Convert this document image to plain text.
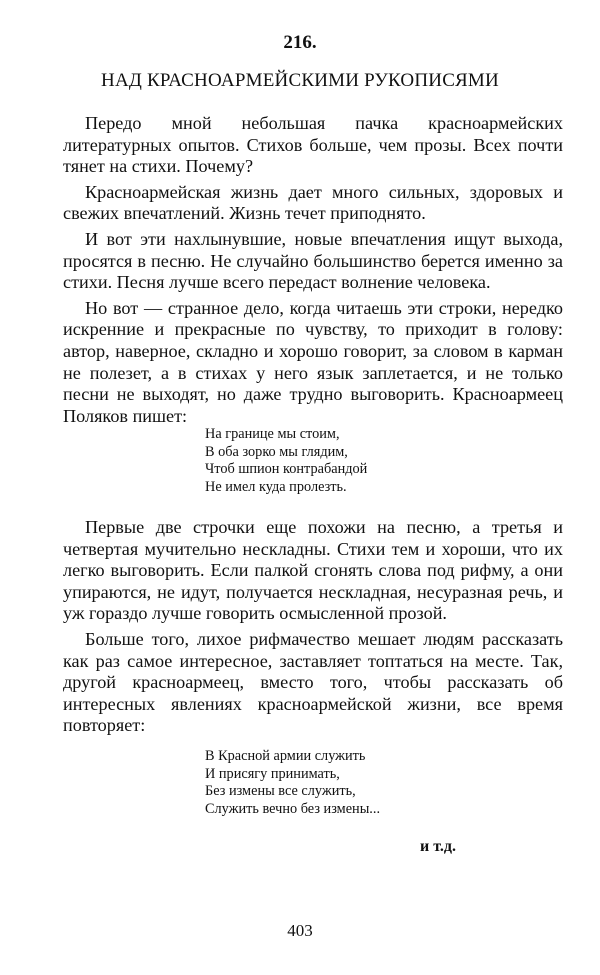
216.
НАД КРАСНОАРМЕЙСКИМИ РУКОПИСЯМИ

Передо мной небольшая пачка красноармейских литературных опытов. Стихов больше, чем прозы. Всех почти тянет на стихи. Почему?

Красноармейская жизнь дает много сильных, здоровых и свежих впечатлений. Жизнь течет приподнято.

И вот эти нахлынувшие, новые впечатления ищут выхода, просятся в песню. Не случайно большинство берется именно за стихи. Песня лучше всего передаст волнение человека.

Но вот — странное дело, когда читаешь эти строки, нередко искренние и прекрасные по чувству, то приходит в голову: автор, наверное, складно и хорошо говорит, за словом в карман не полезет, а в стихах у него язык заплетается, и не только песни не выходят, но даже трудно выговорить. Красноармеец Поляков пишет:

На границе мы стоим,
В оба зорко мы глядим,
Чтоб шпион контрабандой
Не имел куда пролезть.

Первые две строчки еще похожи на песню, а третья и четвертая мучительно нескладны. Стихи тем и хороши, что их легко выговорить. Если палкой сгонять слова под рифму, а они упираются, не идут, получается нескладная, несуразная речь, и уж гораздо лучше говорить осмысленной прозой.

Больше того, лихое рифмачество мешает людям рассказать как раз самое интересное, заставляет топтаться на месте. Так, другой красноармеец, вместо того, чтобы рассказать об интересных явлениях красноармейской жизни, все время повторяет:

В Красной армии служить
И присягу принимать,
Без измены все служить,
Служить вечно без измены...
и т.д.
403
